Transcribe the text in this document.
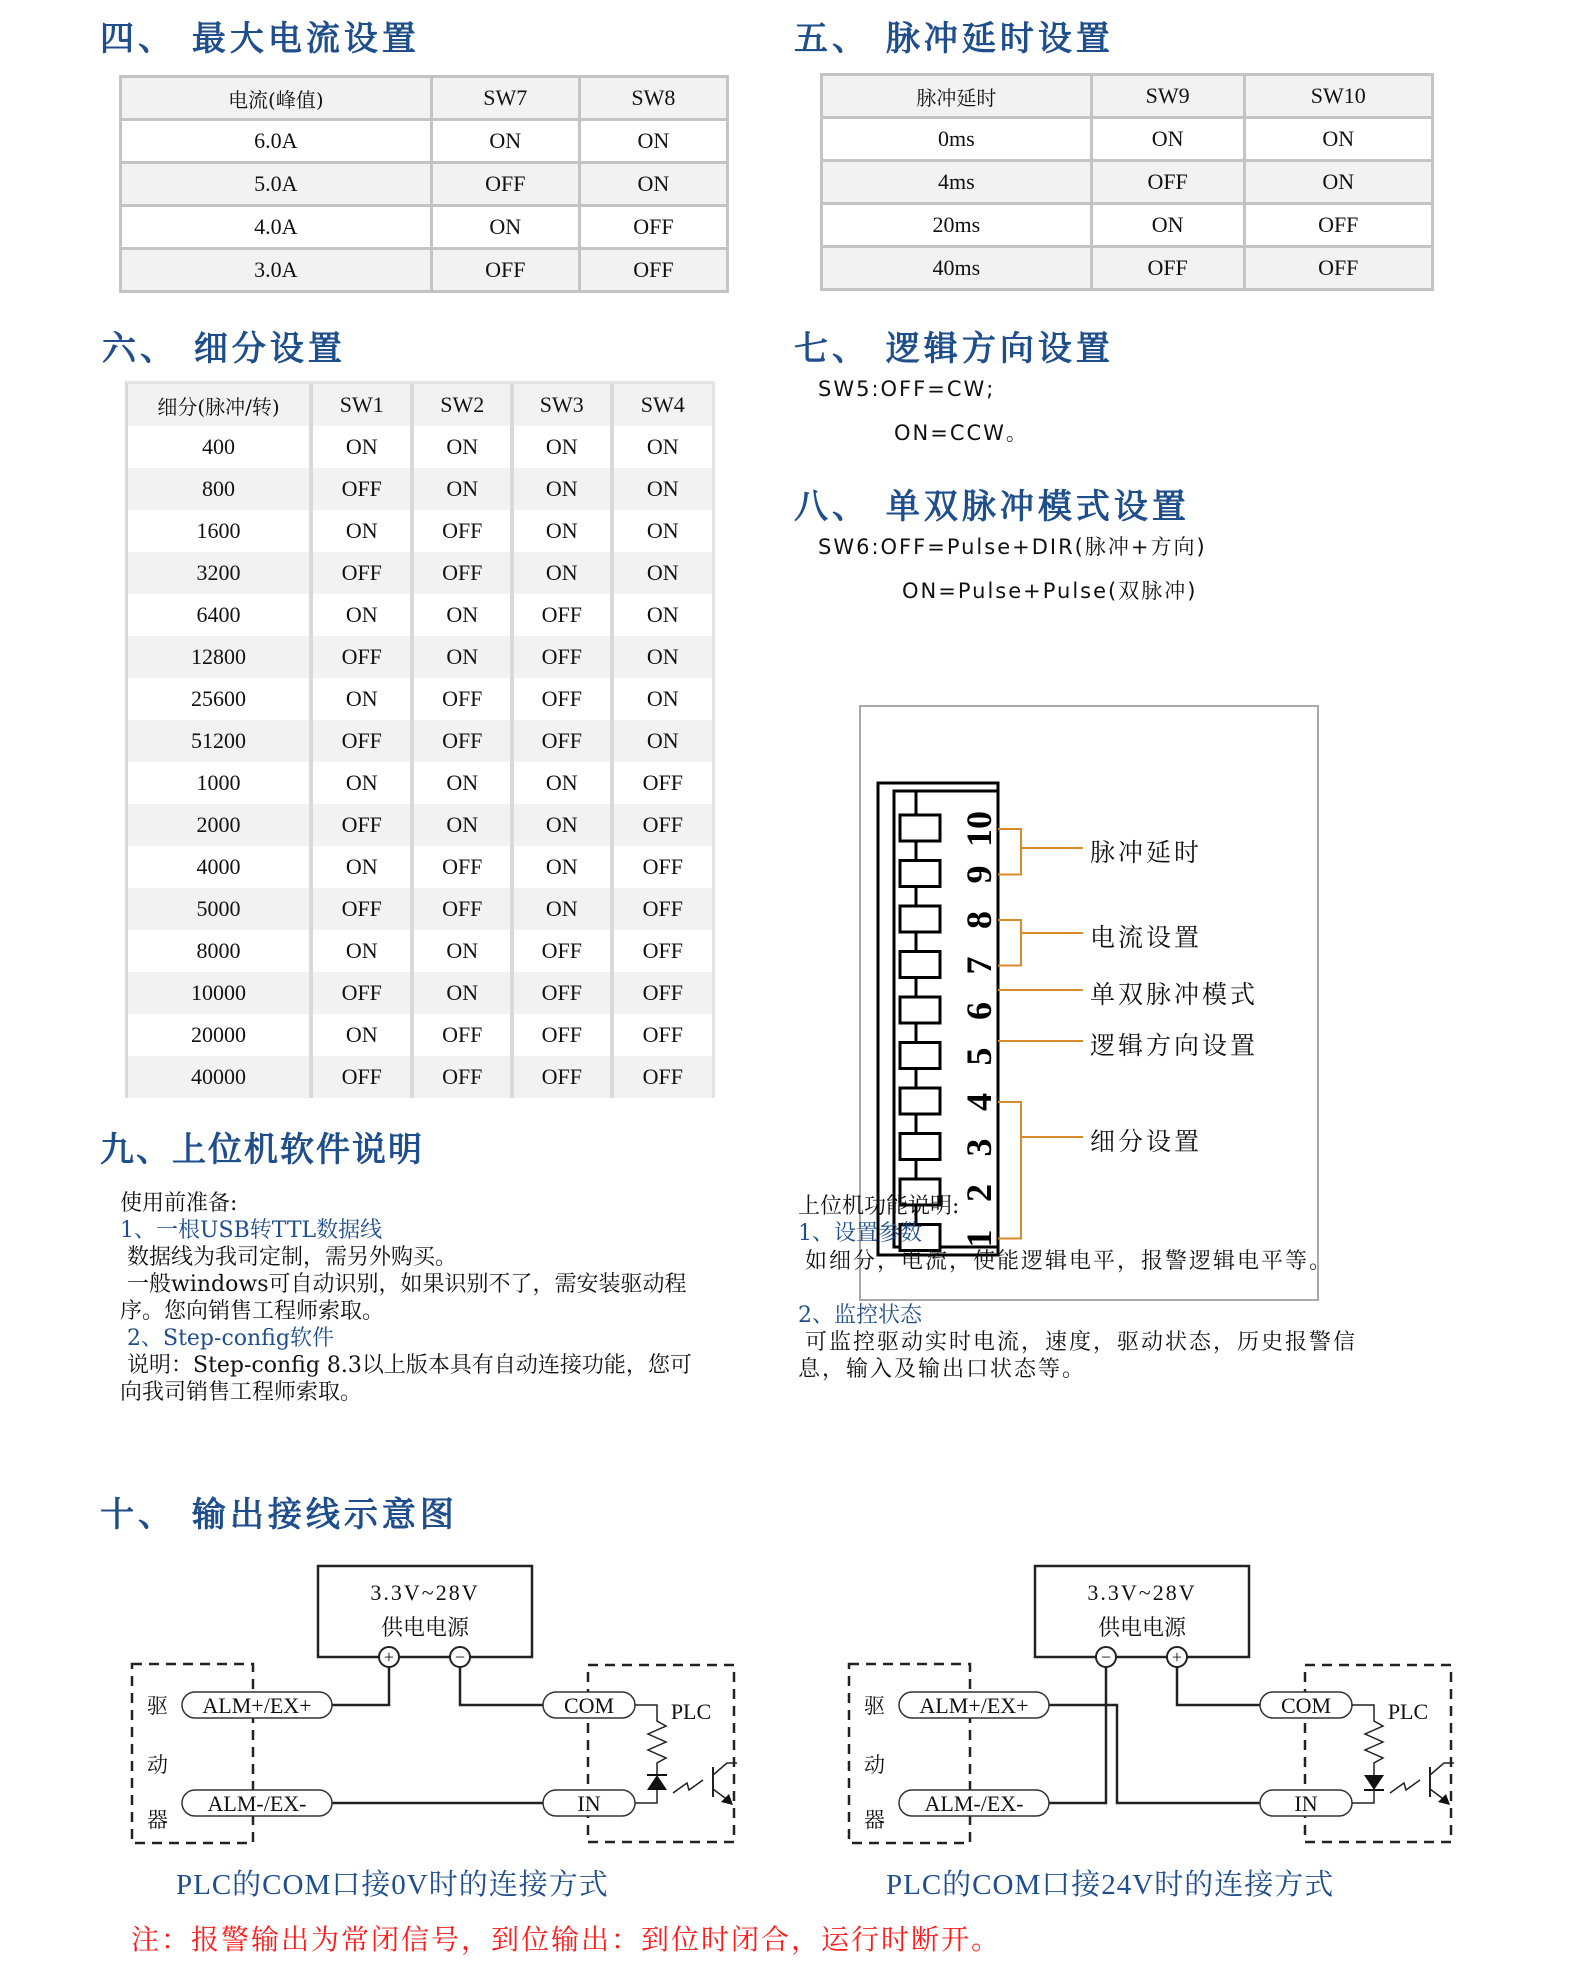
四、 最大电流设置
电流(峰值)	SW7	SW8
6.0A	ON	ON
5.0A	OFF	ON
4.0A	ON	OFF
3.0A	OFF	OFF
五、 脉冲延时设置
脉冲延时	SW9	SW10
0ms	ON	ON
4ms	OFF	ON
20ms	ON	OFF
40ms	OFF	OFF
六、 细分设置
细分(脉冲/转)	SW1	SW2	SW3	SW4
400	ON	ON	ON	ON
800	OFF	ON	ON	ON
1600	ON	OFF	ON	ON
3200	OFF	OFF	ON	ON
6400	ON	ON	OFF	ON
12800	OFF	ON	OFF	ON
25600	ON	OFF	OFF	ON
51200	OFF	OFF	OFF	ON
1000	ON	ON	ON	OFF
2000	OFF	ON	ON	OFF
4000	ON	OFF	ON	OFF
5000	OFF	OFF	ON	OFF
8000	ON	ON	OFF	OFF
10000	OFF	ON	OFF	OFF
20000	ON	OFF	OFF	OFF
40000	OFF	OFF	OFF	OFF
七、 逻辑方向设置
SW5:OFF=CW;
ON=CCW。
八、 单双脉冲模式设置
SW6:OFF=Pulse+DIR(脉冲+方向)
ON=Pulse+Pulse(双脉冲)
10
9
8
7
6
5
4
3
2
1
脉冲延时
电流设置
单双脉冲模式
逻辑方向设置
细分设置
九、上位机软件说明
使用前准备:
1、一根USB转TTL数据线
数据线为我司定制，需另外购买。
一般windows可自动识别，如果识别不了，需安装驱动程
序。您向销售工程师索取。
2、Step-config软件
说明：Step-config 8.3以上版本具有自动连接功能，您可
向我司销售工程师索取。
上位机功能说明:
1、设置参数
如细分，电流，使能逻辑电平，报警逻辑电平等。
2、监控状态
可监控驱动实时电流，速度，驱动状态，历史报警信
息，输入及输出口状态等。
十、 输出接线示意图
3.3V~28V
供电电源
驱
动
器
PLC
+	−
ALM+/EX+
ALM-/EX-
COM
IN
3.3V~28V
供电电源
驱
动
器
PLC
−	+
ALM+/EX+
ALM-/EX-
COM
IN
PLC的COM口接0V时的连接方式	PLC的COM口接24V时的连接方式
注：报警输出为常闭信号，到位输出：到位时闭合，运行时断开。
